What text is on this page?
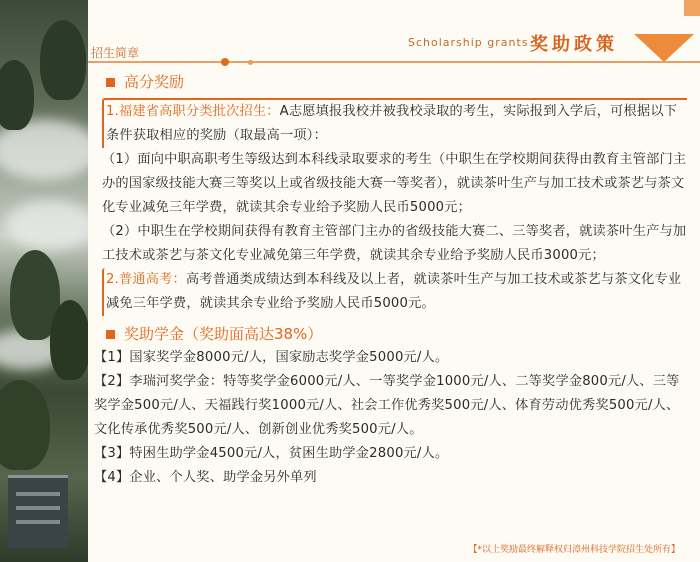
招生简章
Scholarship grants 奖助政策
高分奖励

1.福建省高职分类批次招生：A志愿填报我校并被我校录取的考生，实际报到入学后，可根据以下条件获取相应的奖励（取最高一项）：

（1）面向中职高职考生等级达到本科线录取要求的考生（中职生在学校期间获得由教育主管部门主办的国家级技能大赛三等奖以上或省级技能大赛一等奖者），就读茶叶生产与加工技术或茶艺与茶文化专业减免三年学费，就读其余专业给予奖励人民币5000元；

（2）中职生在学校期间获得有教育主管部门主办的省级技能大赛二、三等奖者，就读茶叶生产与加工技术或茶艺与茶文化专业减免第三年学费，就读其余专业给予奖励人民币3000元；

2.普通高考：高考普通类成绩达到本科线及以上者，就读茶叶生产与加工技术或茶艺与茶文化专业减免三年学费，就读其余专业给予奖励人民币5000元。

奖助学金（奖助面高达38%）

【1】国家奖学金8000元/人，国家励志奖学金5000元/人。

【2】李瑞河奖学金：特等奖学金6000元/人、一等奖学金1000元/人、二等奖学金800元/人、三等奖学金500元/人、天福践行奖1000元/人、社会工作优秀奖500元/人、体育劳动优秀奖500元/人、 文化传承优秀奖500元/人、创新创业优秀奖500元/人。

【3】特困生助学金4500元/人，贫困生助学金2800元/人。

【4】企业、个人奖、助学金另外单列

【*以上奖励最终解释权归漳州科技学院招生处所有】
